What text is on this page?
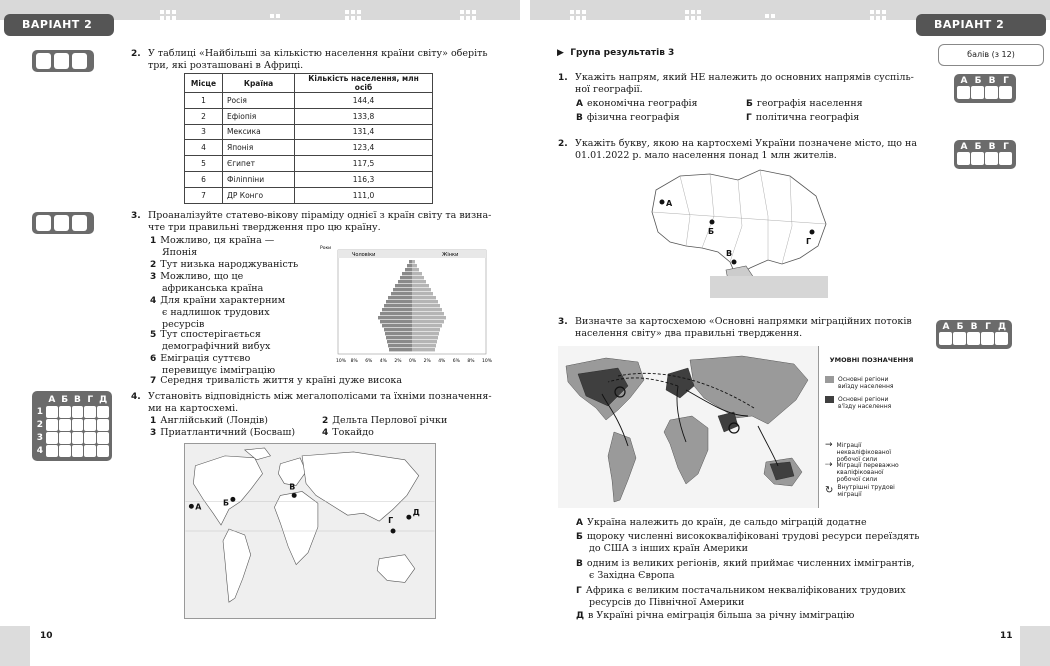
ВАРІАНТ 2	ВАРІАНТ 2
10	11
2. У таблиці «Найбільші за кількістю населення країни світу» оберіть
три, які розташовані в Африці.
Місце	Країна	Кількість населення, млн осіб
1	Росія	144,4
2	Ефіопія	133,8
3	Мексика	131,4
4	Японія	123,4
5	Єгипет	117,5
6	Філіппіни	116,3
7	ДР Конго	111,0
3. Проаналізуйте статево-вікову піраміду однієї з країн світу та визна-
чте три правильні твердження про цю країну.
1 Можливо, ця країна —
Японія
2 Тут низька народжуваність
3 Можливо, що це
африканська країна
4 Для країни характерним
є надлишок трудових
ресурсів
5 Тут спостерігається
демографічний вибух
6 Еміграція суттєво
перевищує імміграцію
7 Середня тривалість життя у країні дуже висока
Чоловіки	Жінки
Роки
10% 8% 6% 4% 2% 0% 2% 4% 6% 8% 10%
А Б В Г Д
1
2
3
4
4. Установіть відповідність між мегалополісами та їхніми позначення-
ми на картосхемі.
1 Англійський (Лондів)	2 Дельта Перлової річки
3 Приатлантичний (Босваш)	4 Токайдо
А	Б
В
Г
Д
балів (з 12)
▶ Група результатів 3
1. Укажіть напрям, який НЕ належить до основних напрямів суспіль-
ної географії.
А економічна географія	Б географія населення
В фізична географія	Г політична географія
А Б В Г
2. Укажіть букву, якою на картосхемі України позначене місто, що на
01.01.2022 р. мало населення понад 1 млн жителів.
А Б В Г
А
Б
В
Г
3. Визначте за картосхемою «Основні напрямки міграційних потоків
населення світу» два правильні твердження.
А Б В Г Д
УМОВНІ ПОЗНАЧЕННЯ
Основні регіони виїзду населення
Основні регіони в'їзду населення
→ Міграції некваліфікованої робочої сили
⇢ Міграції переважно кваліфікованої робочої сили
↻ Внутрішні трудові міграції
А Україна належить до країн, де сальдо міграцій додатне
Б щороку численні висококваліфіковані трудові ресурси переїздять
до США з інших країн Америки
В одним із великих регіонів, який приймає численних іммігрантів,
є Західна Європа
Г Африка є великим постачальником некваліфікованих трудових
ресурсів до Північної Америки
Д в Україні річна еміграція більша за річну імміграцію
